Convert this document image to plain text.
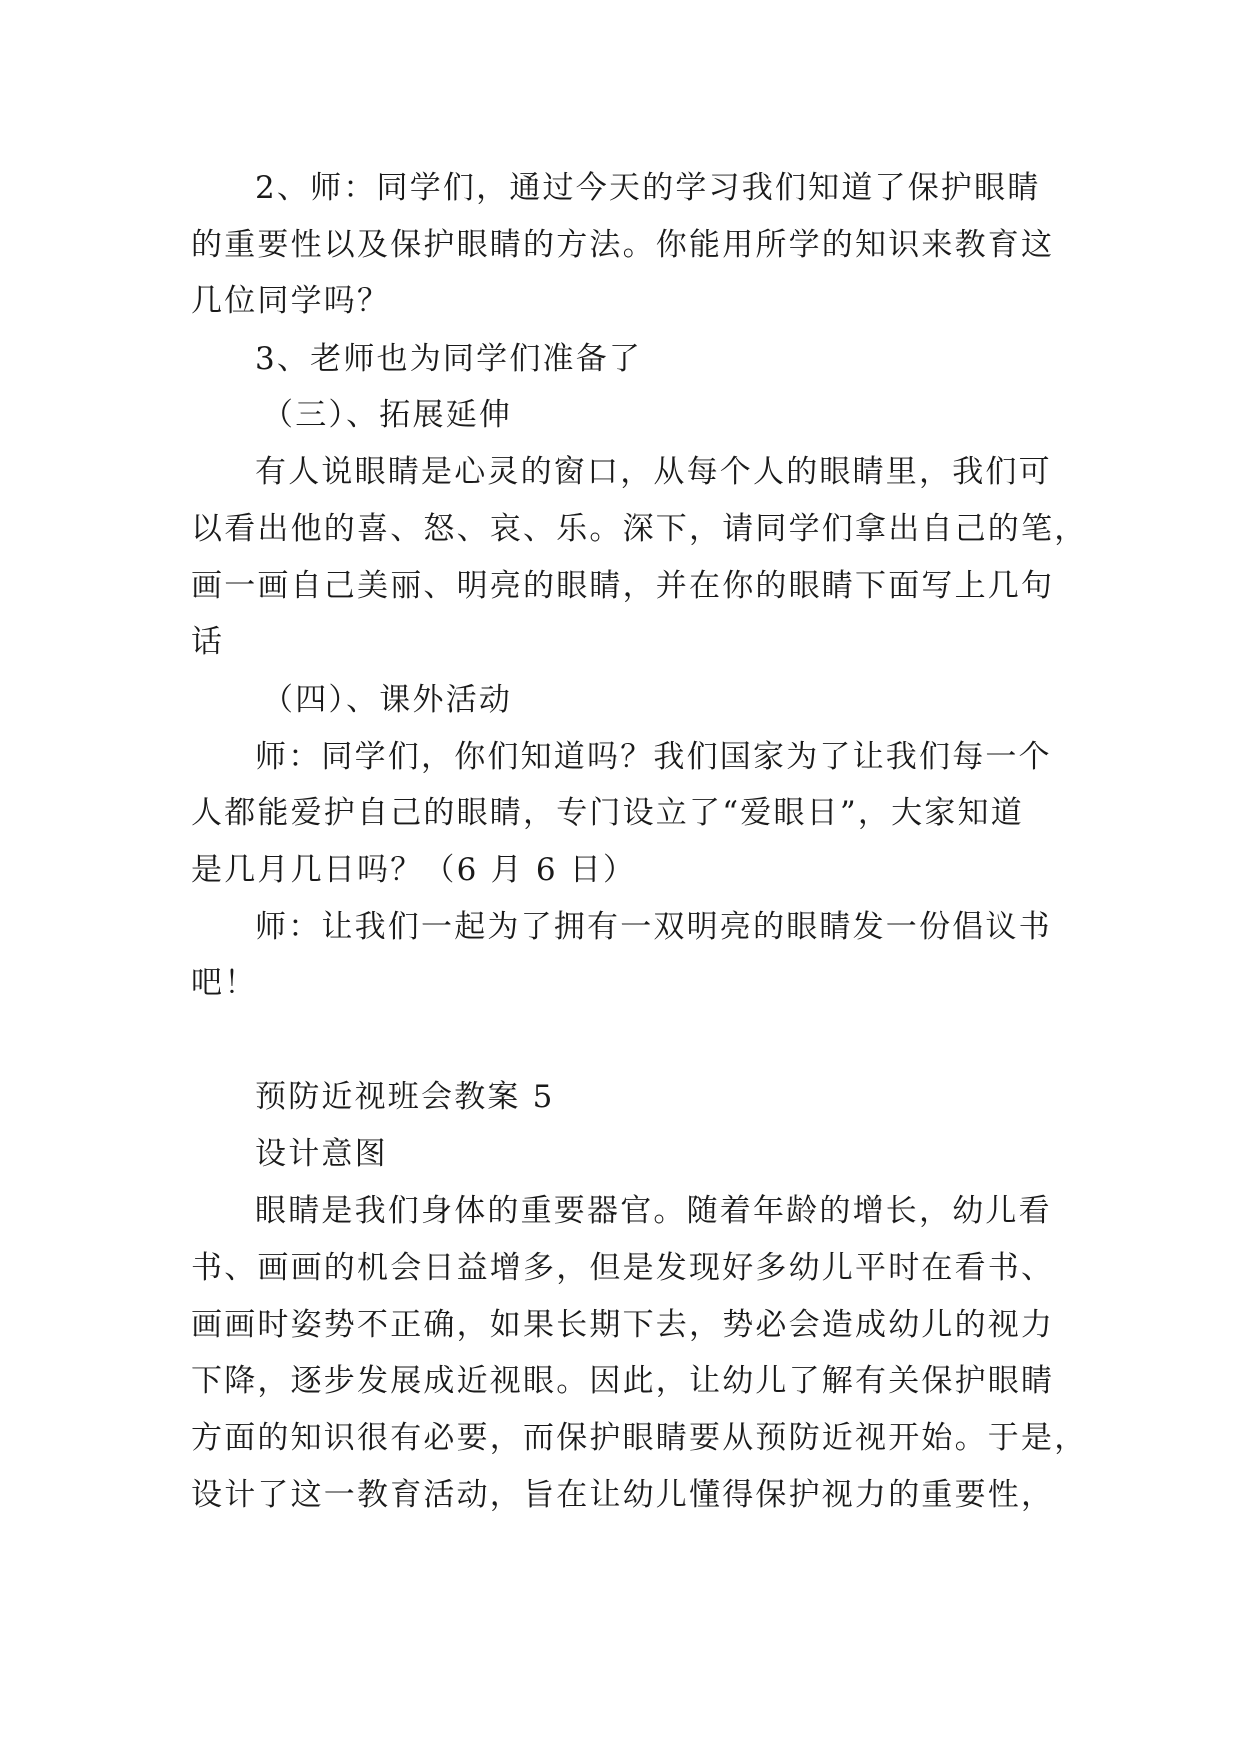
2、师：同学们，通过今天的学习我们知道了保护眼睛
的重要性以及保护眼睛的方法。你能用所学的知识来教育这
几位同学吗？
3、老师也为同学们准备了
（三）、拓展延伸
有人说眼睛是心灵的窗口，从每个人的眼睛里，我们可
以看出他的喜、怒、哀、乐。深下，请同学们拿出自己的笔，
画一画自己美丽、明亮的眼睛，并在你的眼睛下面写上几句
话
（四）、课外活动
师：同学们，你们知道吗？我们国家为了让我们每一个
人都能爱护自己的眼睛，专门设立了“爱眼日”，大家知道
是几月几日吗？（6 月 6 日）
师：让我们一起为了拥有一双明亮的眼睛发一份倡议书
吧！
预防近视班会教案 5
设计意图
眼睛是我们身体的重要器官。随着年龄的增长，幼儿看
书、画画的机会日益增多，但是发现好多幼儿平时在看书、
画画时姿势不正确，如果长期下去，势必会造成幼儿的视力
下降，逐步发展成近视眼。因此，让幼儿了解有关保护眼睛
方面的知识很有必要，而保护眼睛要从预防近视开始。于是，
设计了这一教育活动，旨在让幼儿懂得保护视力的重要性，
